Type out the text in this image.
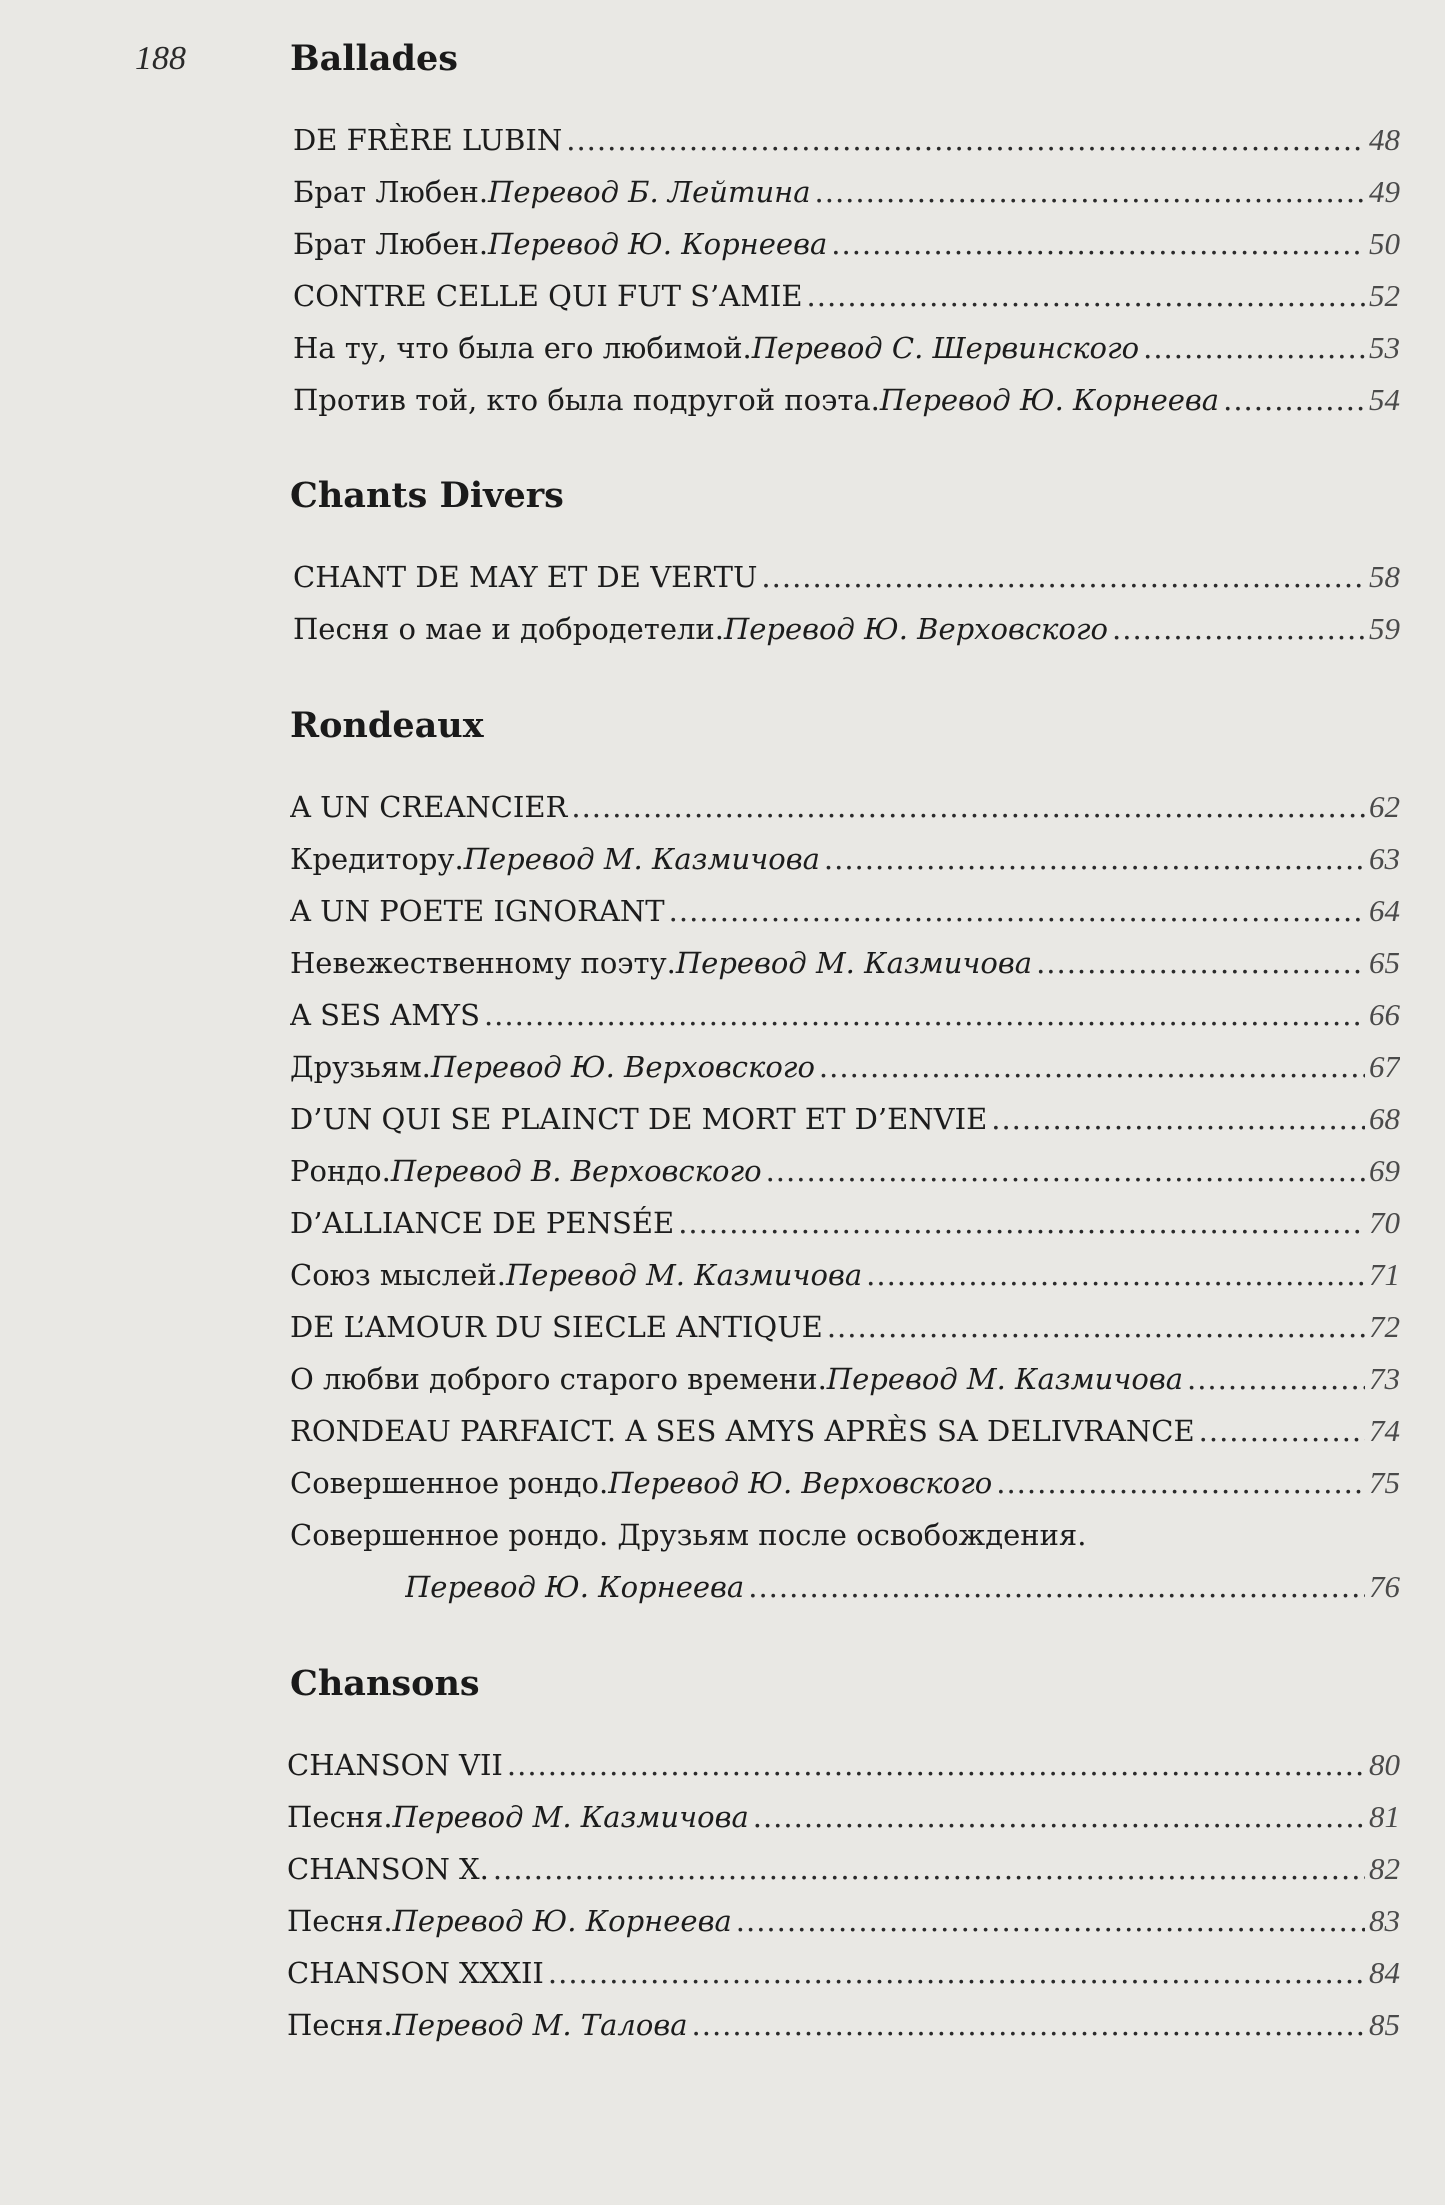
188	Ballades
DE FRÈRE LUBIN .....	48
Брат Любен. Перевод Б. Лейтина .....	49
Брат Любен. Перевод Ю. Корнеева .....	50
CONTRE CELLE QUI FUT S’AMIE .....	52
На ту, что была его любимой. Перевод С. Шервинского .....	53
Против той, кто была подругой поэта. Перевод Ю. Корнеева .....	54
Chants Divers
CHANT DE MAY ET DE VERTU .....	58
Песня о мае и добродетели. Перевод Ю. Верховского .....	59
Rondeaux
A UN CREANCIER .....	62
Кредитору. Перевод М. Казмичова .....	63
A UN POETE IGNORANT .....	64
Невежественному поэту. Перевод М. Казмичова .....	65
A SES AMYS .....	66
Друзьям. Перевод Ю. Верховского .....	67
D’UN QUI SE PLAINCT DE MORT ET D’ENVIE .....	68
Рондо. Перевод В. Верховского .....	69
D’ALLIANCE DE PENSÉE .....	70
Союз мыслей. Перевод М. Казмичова .....	71
DE L’AMOUR DU SIECLE ANTIQUE .....	72
О любви доброго старого времени. Перевод М. Казмичова .....	73
RONDEAU PARFAICT. A SES AMYS APRÈS SA DELIVRANCE .....	74
Совершенное рондо. Перевод Ю. Верховского .....	75
Совершенное рондо. Друзьям после освобождения.
Перевод Ю. Корнеева .....	76
Chansons
CHANSON VII .....	80
Песня. Перевод М. Казмичова .....	81
CHANSON X. .....	82
Песня. Перевод Ю. Корнеева .....	83
CHANSON XXXII .....	84
Песня. Перевод М. Талова .....	85
